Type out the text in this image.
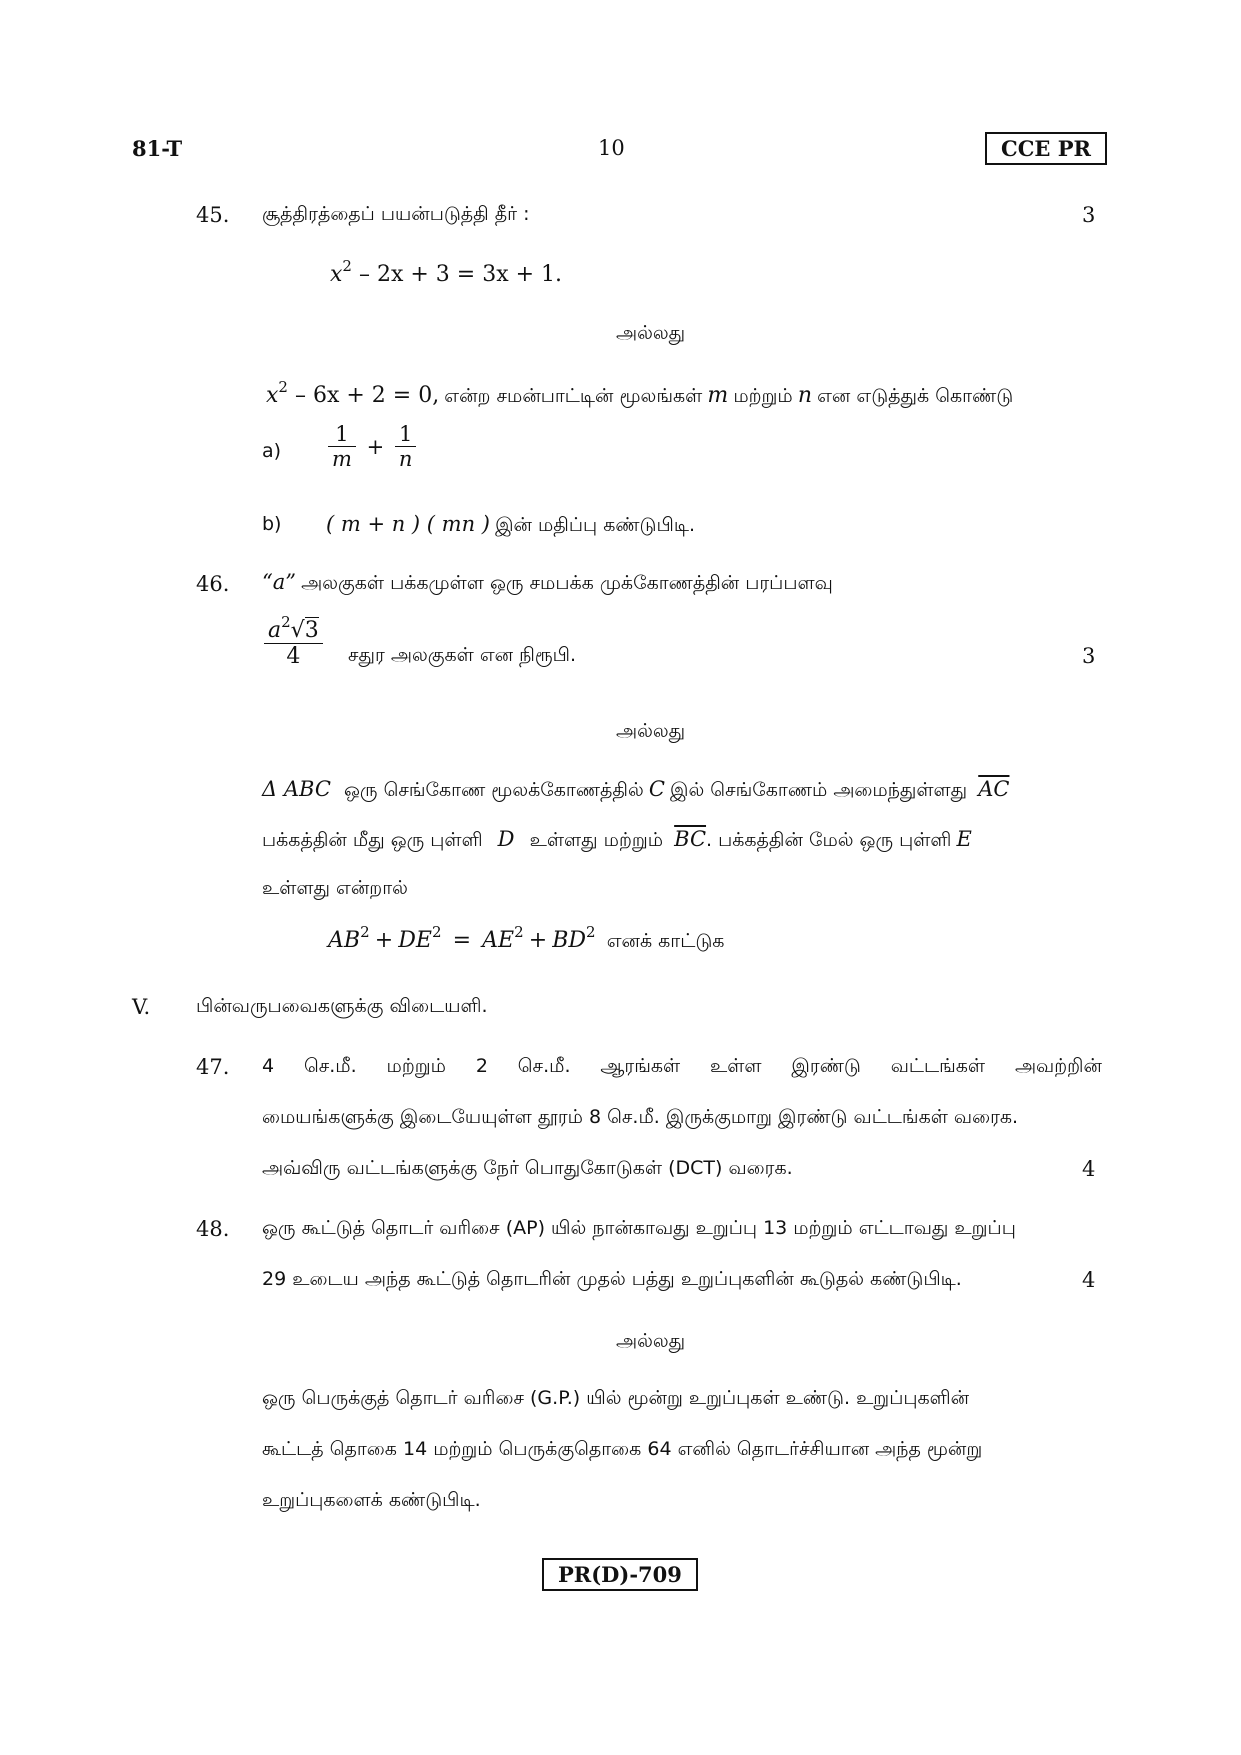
81-T	10	CCE PR
45. சூத்திரத்தைப் பயன்படுத்தி தீர் :	3
$x^2 - 2x + 3 = 3x + 1$.
அல்லது
$x^2 - 6x + 2 = 0$, என்ற சமன்பாட்டின் மூலங்கள் m மற்றும் n என எடுத்துக் கொண்டு
$a) \frac{1}{m} + \frac{1}{n}$
b) ( m + n ) ( mn ) இன் மதிப்பு கண்டுபிடி.
46. “a” அலகுகள் பக்கமுள்ள ஒரு சமபக்க முக்கோணத்தின் பரப்பளவு
$\frac{a^2√3}{4}$ சதுர அலகுகள் என நிரூபி.	3
அல்லது
Δ ABC ஒரு செங்கோண மூலக்கோணத்தில் C இல் செங்கோணம் அமைந்துள்ளது $\overline{AC}$
பக்கத்தின் மீது ஒரு புள்ளி D உள்ளது மற்றும் $\overline{BC}$. பக்கத்தின் மேல் ஒரு புள்ளி E
உள்ளது என்றால்
$AB^2 + DE^2 = AE^2 + BD^2$ எனக் காட்டுக
V. பின்வருபவைகளுக்கு விடையளி.
47. 4 செ.மீ. மற்றும் 2 செ.மீ. ஆரங்கள் உள்ள இரண்டு வட்டங்கள் அவற்றின்
மையங்களுக்கு இடையேயுள்ள தூரம் 8 செ.மீ. இருக்குமாறு இரண்டு வட்டங்கள் வரைக.
அவ்விரு வட்டங்களுக்கு நேர் பொதுகோடுகள் (DCT) வரைக.	4
48. ஒரு கூட்டுத் தொடர் வரிசை (AP) யில் நான்காவது உறுப்பு 13 மற்றும் எட்டாவது உறுப்பு
29 உடைய அந்த கூட்டுத் தொடரின் முதல் பத்து உறுப்புகளின் கூடுதல் கண்டுபிடி.	4
அல்லது
ஒரு பெருக்குத் தொடர் வரிசை (G.P.) யில் மூன்று உறுப்புகள் உண்டு. உறுப்புகளின்
கூட்டத் தொகை 14 மற்றும் பெருக்குதொகை 64 எனில் தொடர்ச்சியான அந்த மூன்று
உறுப்புகளைக் கண்டுபிடி.
PR(D)-709
